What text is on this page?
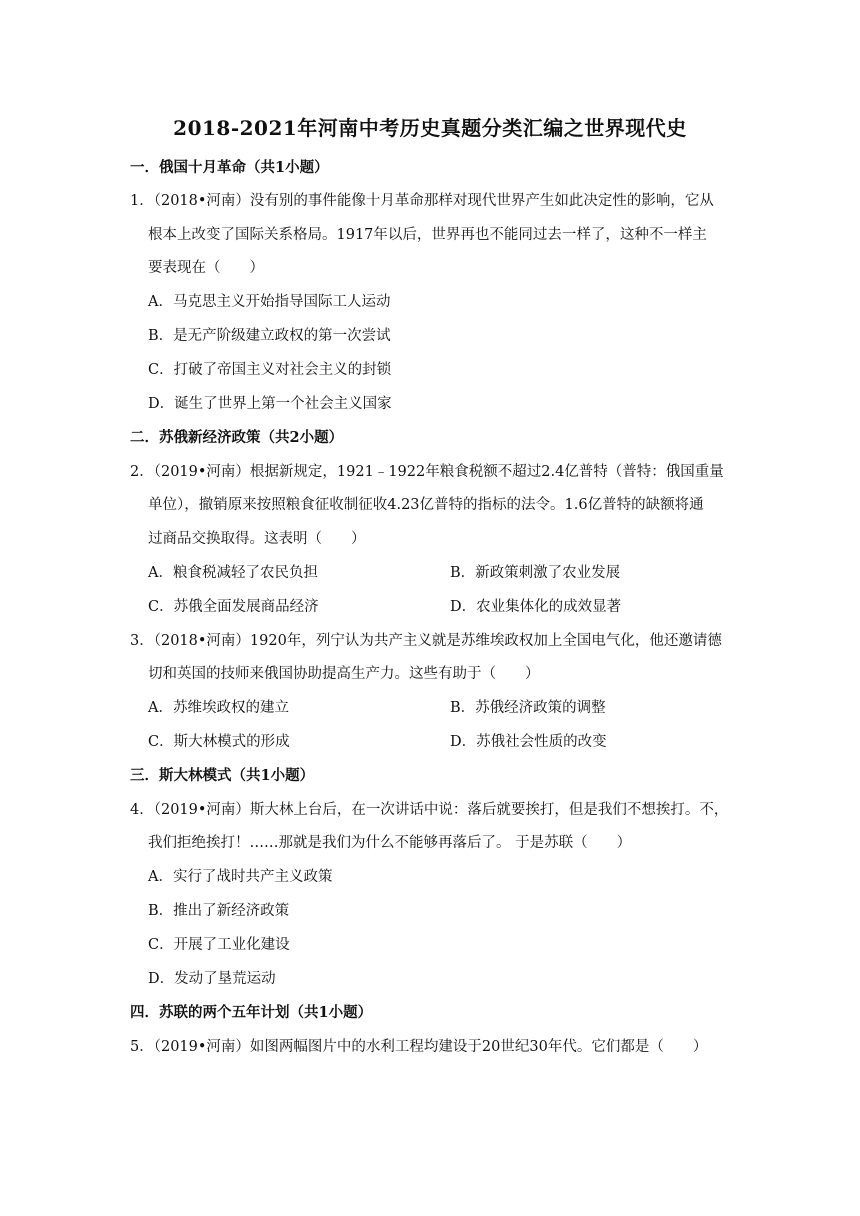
2018-2021年河南中考历史真题分类汇编之世界现代史
一．俄国十月革命（共1小题）
1．（2018•河南）没有别的事件能像十月革命那样对现代世界产生如此决定性的影响，它从
根本上改变了国际关系格局。1917年以后，世界再也不能同过去一样了，这种不一样主
要表现在（　　）
A．马克思主义开始指导国际工人运动
B．是无产阶级建立政权的第一次尝试
C．打破了帝国主义对社会主义的封锁
D．诞生了世界上第一个社会主义国家
二．苏俄新经济政策（共2小题）
2．（2019•河南）根据新规定，1921﹣1922年粮食税额不超过2.4亿普特（普特：俄国重量
单位），撤销原来按照粮食征收制征收4.23亿普特的指标的法令。1.6亿普特的缺额将通
过商品交换取得。这表明（　　）
A．粮食税减轻了农民负担	B．新政策刺激了农业发展
C．苏俄全面发展商品经济	D．农业集体化的成效显著
3．（2018•河南）1920年，列宁认为共产主义就是苏维埃政权加上全国电气化，他还邀请德
切和英国的技师来俄国协助提高生产力。这些有助于（　　）
A．苏维埃政权的建立	B．苏俄经济政策的调整
C．斯大林模式的形成	D．苏俄社会性质的改变
三．斯大林模式（共1小题）
4．（2019•河南）斯大林上台后，在一次讲话中说：落后就要挨打，但是我们不想挨打。不，
我们拒绝挨打！……那就是我们为什么不能够再落后了。 于是苏联（　　）
A．实行了战时共产主义政策
B．推出了新经济政策
C．开展了工业化建设
D．发动了垦荒运动
四．苏联的两个五年计划（共1小题）
5．（2019•河南）如图两幅图片中的水利工程均建设于20世纪30年代。它们都是（　　）
